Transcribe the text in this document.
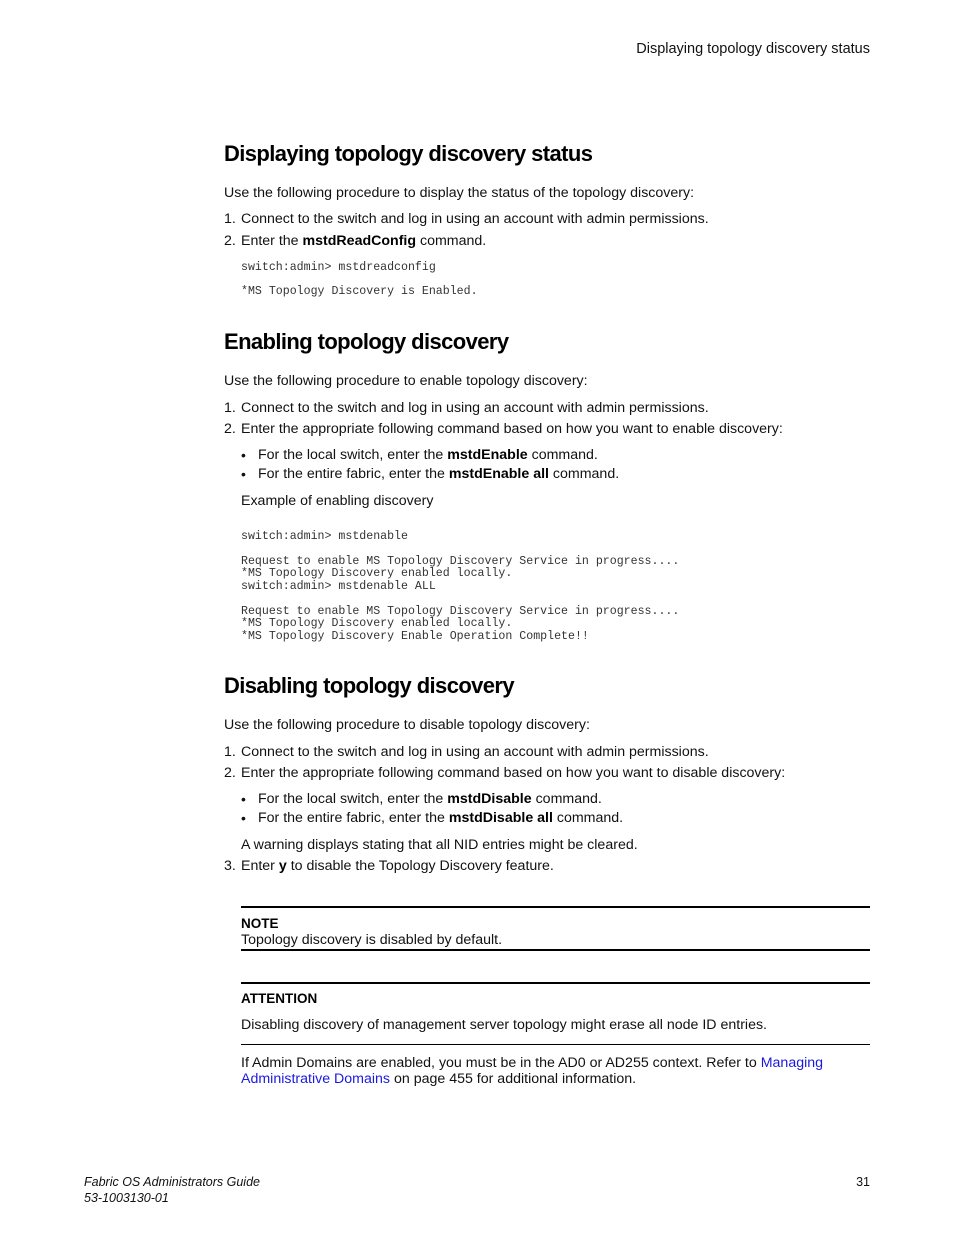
Displaying topology discovery status
Displaying topology discovery status
Use the following procedure to display the status of the topology discovery:
1. Connect to the switch and log in using an account with admin permissions.
2. Enter the mstdReadConfig command.
switch:admin> mstdreadconfig
*MS Topology Discovery is Enabled.
Enabling topology discovery
Use the following procedure to enable topology discovery:
1. Connect to the switch and log in using an account with admin permissions.
2. Enter the appropriate following command based on how you want to enable discovery:
• For the local switch, enter the mstdEnable command.
• For the entire fabric, enter the mstdEnable all command.
Example of enabling discovery
switch:admin> mstdenable
Request to enable MS Topology Discovery Service in progress....
*MS Topology Discovery enabled locally.
switch:admin> mstdenable ALL
Request to enable MS Topology Discovery Service in progress....
*MS Topology Discovery enabled locally.
*MS Topology Discovery Enable Operation Complete!!
Disabling topology discovery
Use the following procedure to disable topology discovery:
1. Connect to the switch and log in using an account with admin permissions.
2. Enter the appropriate following command based on how you want to disable discovery:
• For the local switch, enter the mstdDisable command.
• For the entire fabric, enter the mstdDisable all command.
A warning displays stating that all NID entries might be cleared.
3. Enter y to disable the Topology Discovery feature.
NOTE
Topology discovery is disabled by default.
ATTENTION
Disabling discovery of management server topology might erase all node ID entries.
If Admin Domains are enabled, you must be in the AD0 or AD255 context. Refer to Managing
Administrative Domains on page 455 for additional information.
Fabric OS Administrators Guide
53-1003130-01
31
